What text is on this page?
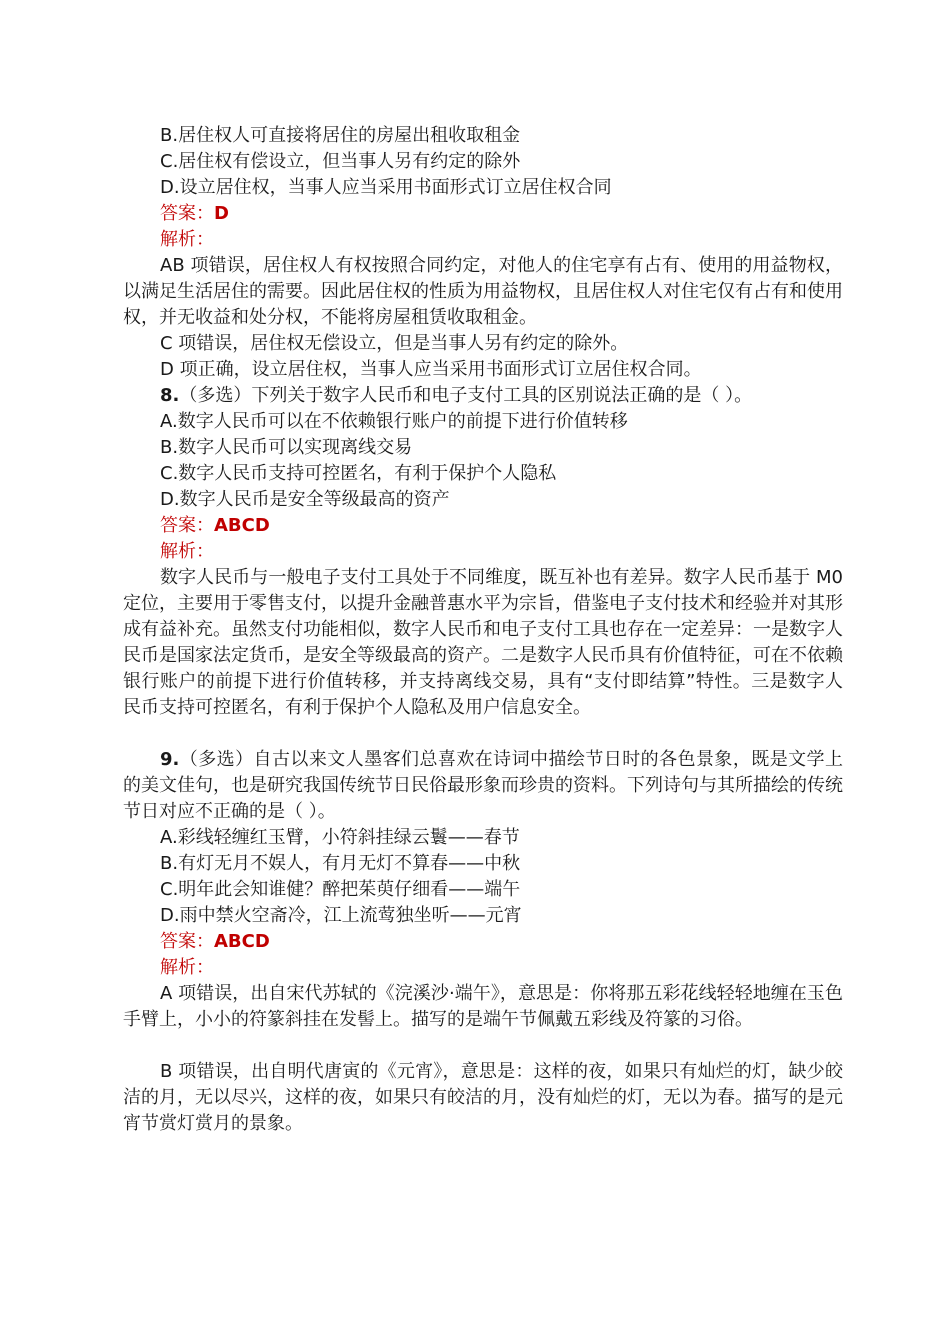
B.居住权人可直接将居住的房屋出租收取租金
C.居住权有偿设立，但当事人另有约定的除外
D.设立居住权，当事人应当采用书面形式订立居住权合同
答案：D
解析：

AB 项错误，居住权人有权按照合同约定，对他人的住宅享有占有、使用的用益物权，以满足生活居住的需要。因此居住权的性质为用益物权，且居住权人对住宅仅有占有和使用权，并无收益和处分权，不能将房屋租赁收取租金。

C 项错误，居住权无偿设立，但是当事人另有约定的除外。
D 项正确，设立居住权，当事人应当采用书面形式订立居住权合同。
8.（多选）下列关于数字人民币和电子支付工具的区别说法正确的是（ ）。
A.数字人民币可以在不依赖银行账户的前提下进行价值转移
B.数字人民币可以实现离线交易
C.数字人民币支持可控匿名，有利于保护个人隐私
D.数字人民币是安全等级最高的资产
答案：ABCD
解析：

数字人民币与一般电子支付工具处于不同维度，既互补也有差异。数字人民币基于 M0 定位，主要用于零售支付，以提升金融普惠水平为宗旨，借鉴电子支付技术和经验并对其形成有益补充。虽然支付功能相似，数字人民币和电子支付工具也存在一定差异：一是数字人民币是国家法定货币，是安全等级最高的资产。二是数字人民币具有价值特征，可在不依赖银行账户的前提下进行价值转移，并支持离线交易，具有“支付即结算”特性。三是数字人民币支持可控匿名，有利于保护个人隐私及用户信息安全。

9.（多选）自古以来文人墨客们总喜欢在诗词中描绘节日时的各色景象，既是文学上的美文佳句，也是研究我国传统节日民俗最形象而珍贵的资料。下列诗句与其所描绘的传统节日对应不正确的是（ ）。

A.彩线轻缠红玉臂，小符斜挂绿云鬟——春节
B.有灯无月不娱人，有月无灯不算春——中秋
C.明年此会知谁健？醉把茱萸仔细看——端午
D.雨中禁火空斋冷，江上流莺独坐听——元宵
答案：ABCD
解析：

A 项错误，出自宋代苏轼的《浣溪沙·端午》，意思是：你将那五彩花线轻轻地缠在玉色手臂上，小小的符篆斜挂在发髻上。描写的是端午节佩戴五彩线及符篆的习俗。

B 项错误，出自明代唐寅的《元宵》，意思是：这样的夜，如果只有灿烂的灯，缺少皎洁的月，无以尽兴，这样的夜，如果只有皎洁的月，没有灿烂的灯，无以为春。描写的是元宵节赏灯赏月的景象。
